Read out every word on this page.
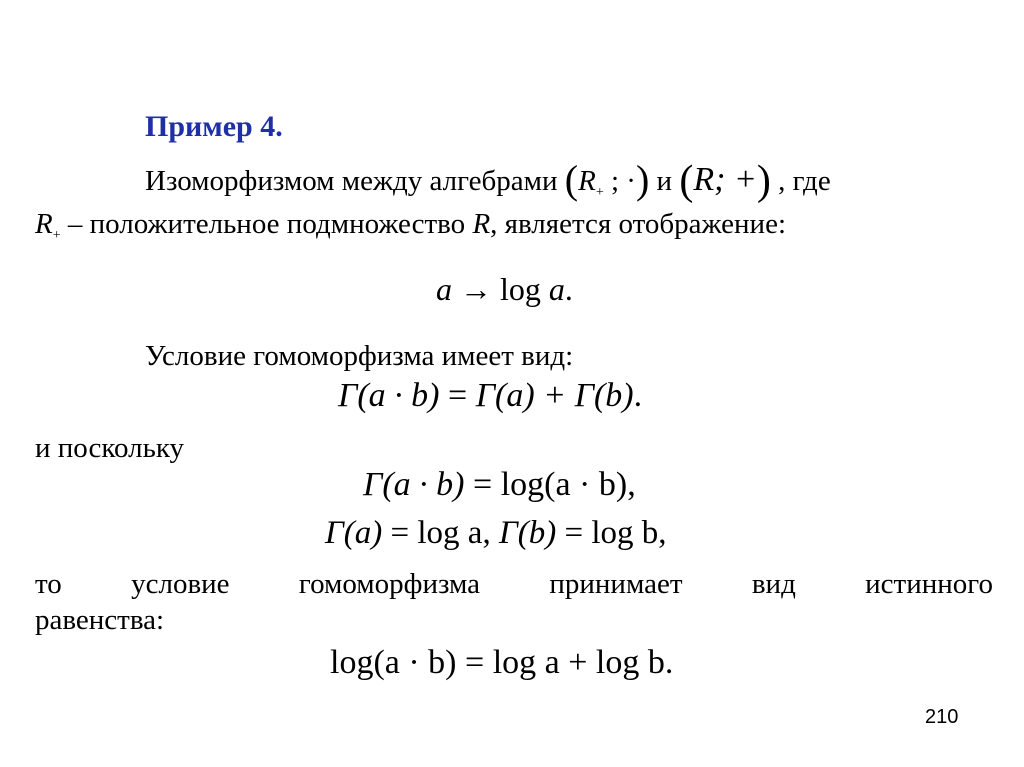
Пример 4.
Изоморфизмом между алгебрами ($R_+$ ; ·) и (R; +) , где
$R_+$ – положительное подмножество R, является отображение:
a → log a.
Условие гомоморфизма имеет вид:
Γ(a · b) = Γ(a) + Γ(b).
и поскольку
Γ(a · b) = log(a · b),
Γ(a) = log a, Γ(b) = log b,
то условие гомоморфизма принимает вид истинного
равенства:
log(a · b) = log a + log b.
210
